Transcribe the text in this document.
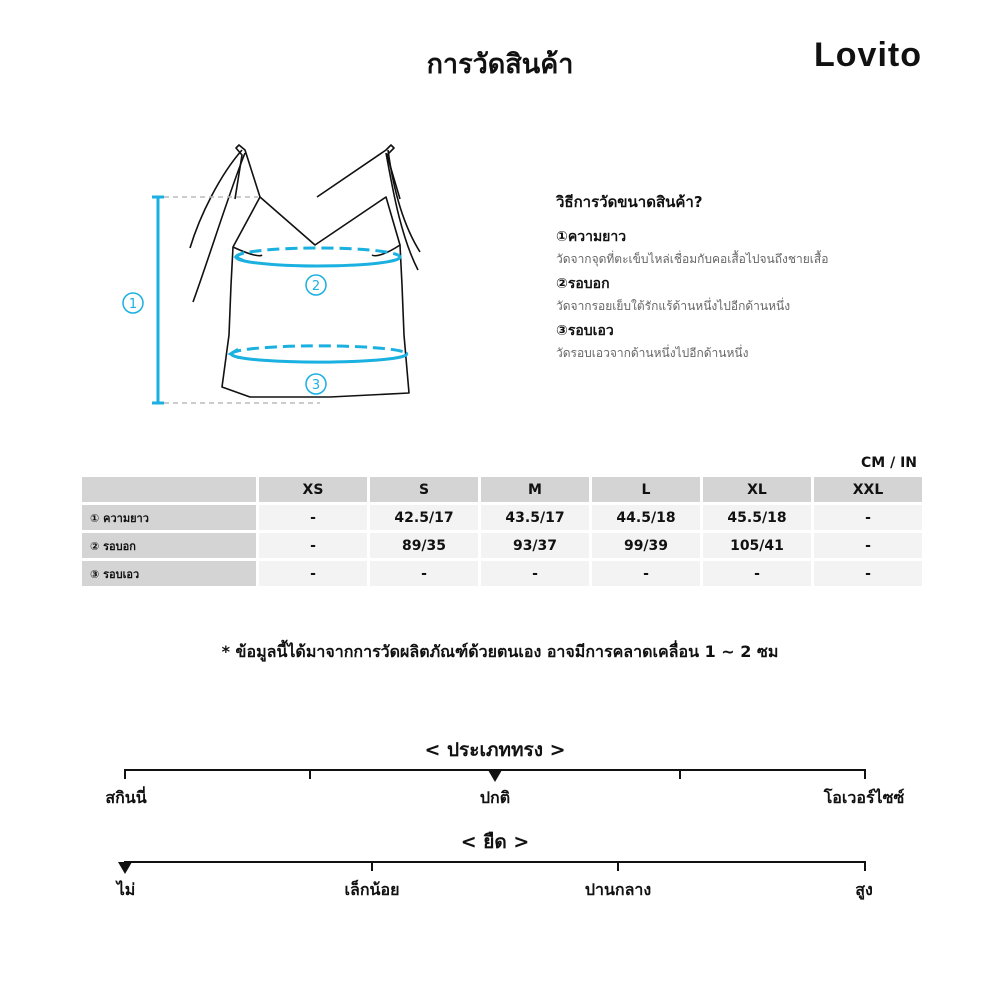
การวัดสินค้า	Lovito
1
2
3
วิธีการวัดขนาดสินค้า?
①ความยาว
วัดจากจุดที่ตะเข็บไหล่เชื่อมกับคอเสื้อไปจนถึงชายเสื้อ
②รอบอก
วัดจากรอยเย็บใต้รักแร้ด้านหนึ่งไปอีกด้านหนึ่ง
③รอบเอว
วัดรอบเอวจากด้านหนึ่งไปอีกด้านหนึ่ง
CM / IN
	XS	S	M	L	XL	XXL
① ความยาว	-	42.5/17	43.5/17	44.5/18	45.5/18	-
② รอบอก	-	89/35	93/37	99/39	105/41	-
③ รอบเอว	-	-	-	-	-	-
* ข้อมูลนี้ได้มาจากการวัดผลิตภัณฑ์ด้วยตนเอง อาจมีการคลาดเคลื่อน 1 ~ 2 ซม
< ประเภททรง >
สกินนี่	ปกติ	โอเวอร์ไซซ์
< ยืด >
ไม่	เล็กน้อย	ปานกลาง	สูง
